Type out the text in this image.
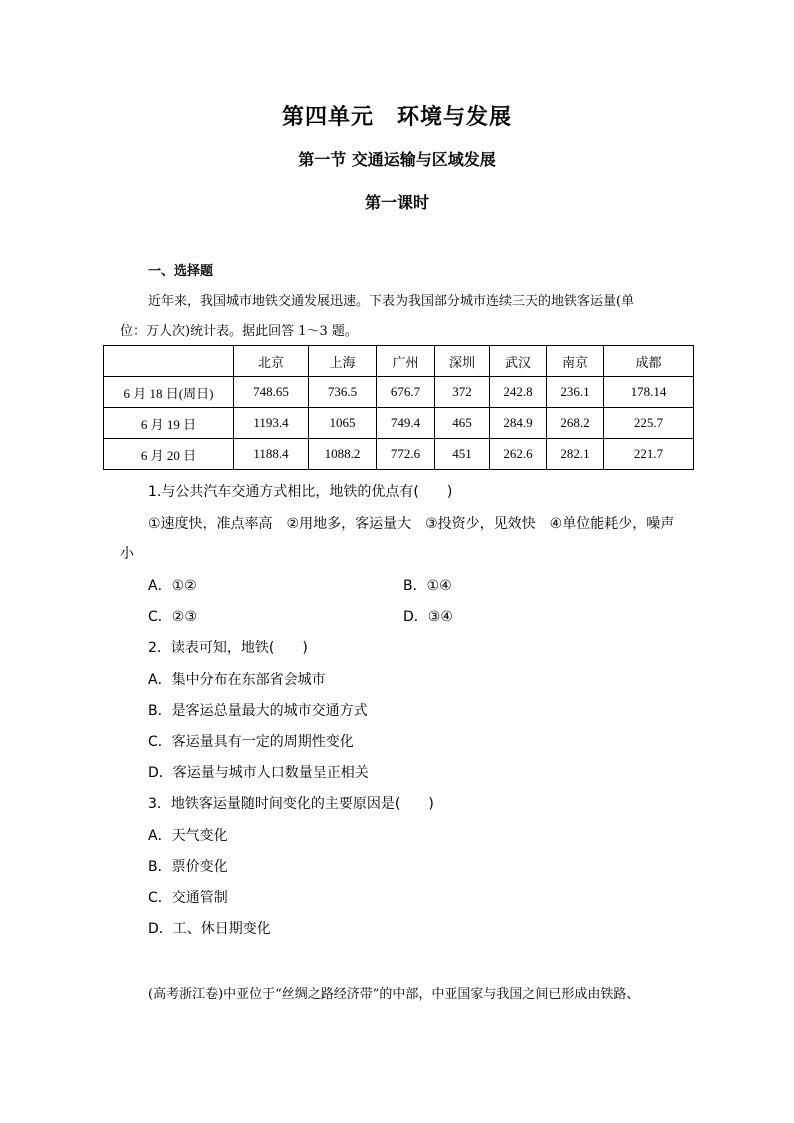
第四单元　环境与发展
第一节 交通运输与区域发展
第一课时
一、选择题
近年来，我国城市地铁交通发展迅速。下表为我国部分城市连续三天的地铁客运量(单
位：万人次)统计表。据此回答 1～3 题。
	北京	上海	广州	深圳	武汉	南京	成都
6 月 18 日(周日)	748.65	736.5	676.7	372	242.8	236.1	178.14
6 月 19 日	1193.4	1065	749.4	465	284.9	268.2	225.7
6 月 20 日	1188.4	1088.2	772.6	451	262.6	282.1	221.7
1.与公共汽车交通方式相比，地铁的优点有(　　)
①速度快，准点率高　②用地多，客运量大　③投资少，见效快　④单位能耗少，噪声
小
A．①②	B．①④
C．②③	D．③④
2．读表可知，地铁(　　)
A．集中分布在东部省会城市
B．是客运总量最大的城市交通方式
C．客运量具有一定的周期性变化
D．客运量与城市人口数量呈正相关
3．地铁客运量随时间变化的主要原因是(　　)
A．天气变化
B．票价变化
C．交通管制
D．工、休日期变化
(高考浙江卷)中亚位于“丝绸之路经济带”的中部，中亚国家与我国之间已形成由铁路、
